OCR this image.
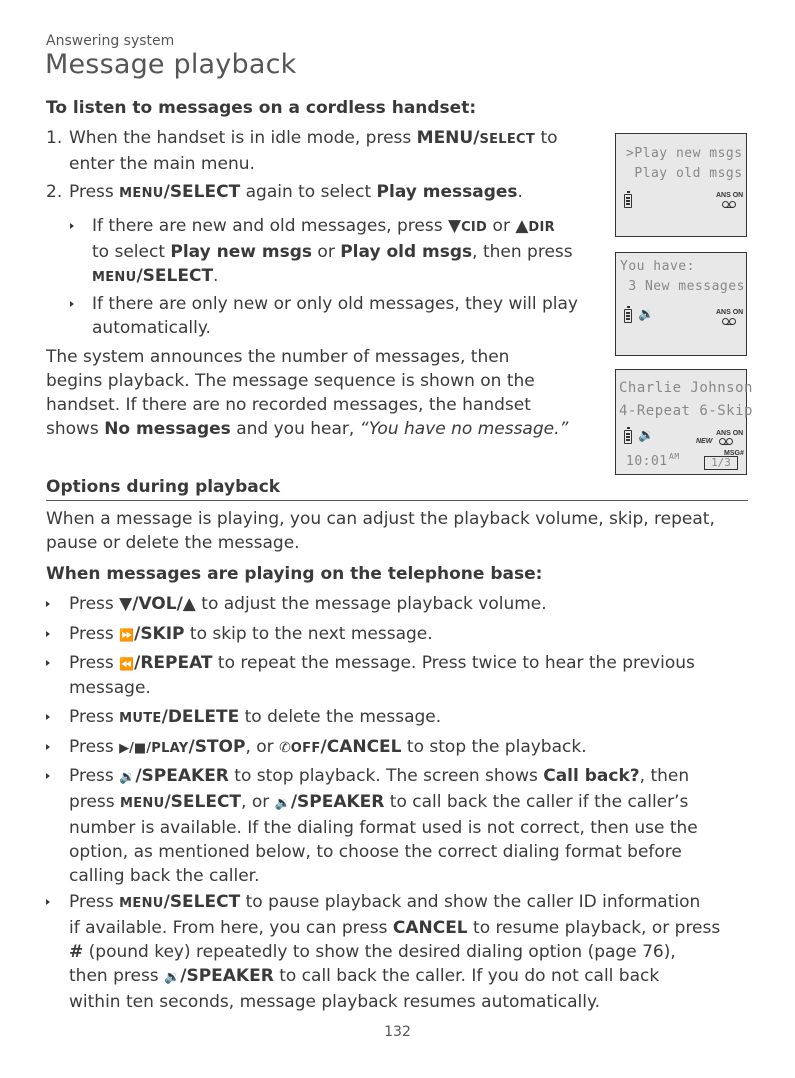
Answering system
Message playback
To listen to messages on a cordless handset:
1. When the handset is in idle mode, press MENU/SELECT to
enter the main menu.
2. Press MENU/SELECT again to select Play messages.
If there are new and old messages, press ▼CID or ▲DIR
to select Play new msgs or Play old msgs, then press
MENU/SELECT.
If there are only new or only old messages, they will play
automatically.
The system announces the number of messages, then
begins playback. The message sequence is shown on the
handset. If there are no recorded messages, the handset
shows No messages and you hear, “You have no message.”
>Play new msgs
Play old msgs
ANS ON
You have:
3 New messages
🔉	ANS ON
Charlie Johnson
4-Repeat 6-Skip
🔉	NEW
ANS ON
MSG#
10:01 AM	1/3
Options during playback
When a message is playing, you can adjust the playback volume, skip, repeat,
pause or delete the message.
When messages are playing on the telephone base:
Press ▼/VOL/▲ to adjust the message playback volume.
Press ⏩/SKIP to skip to the next message.
Press ⏪/REPEAT to repeat the message. Press twice to hear the previous
message.
Press MUTE/DELETE to delete the message.
Press ▶/■/PLAY/STOP, or ✆OFF/CANCEL to stop the playback.
Press 🔉/SPEAKER to stop playback. The screen shows Call back?, then
press MENU/SELECT, or 🔉/SPEAKER to call back the caller if the caller’s
number is available. If the dialing format used is not correct, then use the
option, as mentioned below, to choose the correct dialing format before
calling back the caller.
Press MENU/SELECT to pause playback and show the caller ID information
if available. From here, you can press CANCEL to resume playback, or press
# (pound key) repeatedly to show the desired dialing option (page 76),
then press 🔉/SPEAKER to call back the caller. If you do not call back
within ten seconds, message playback resumes automatically.
132
